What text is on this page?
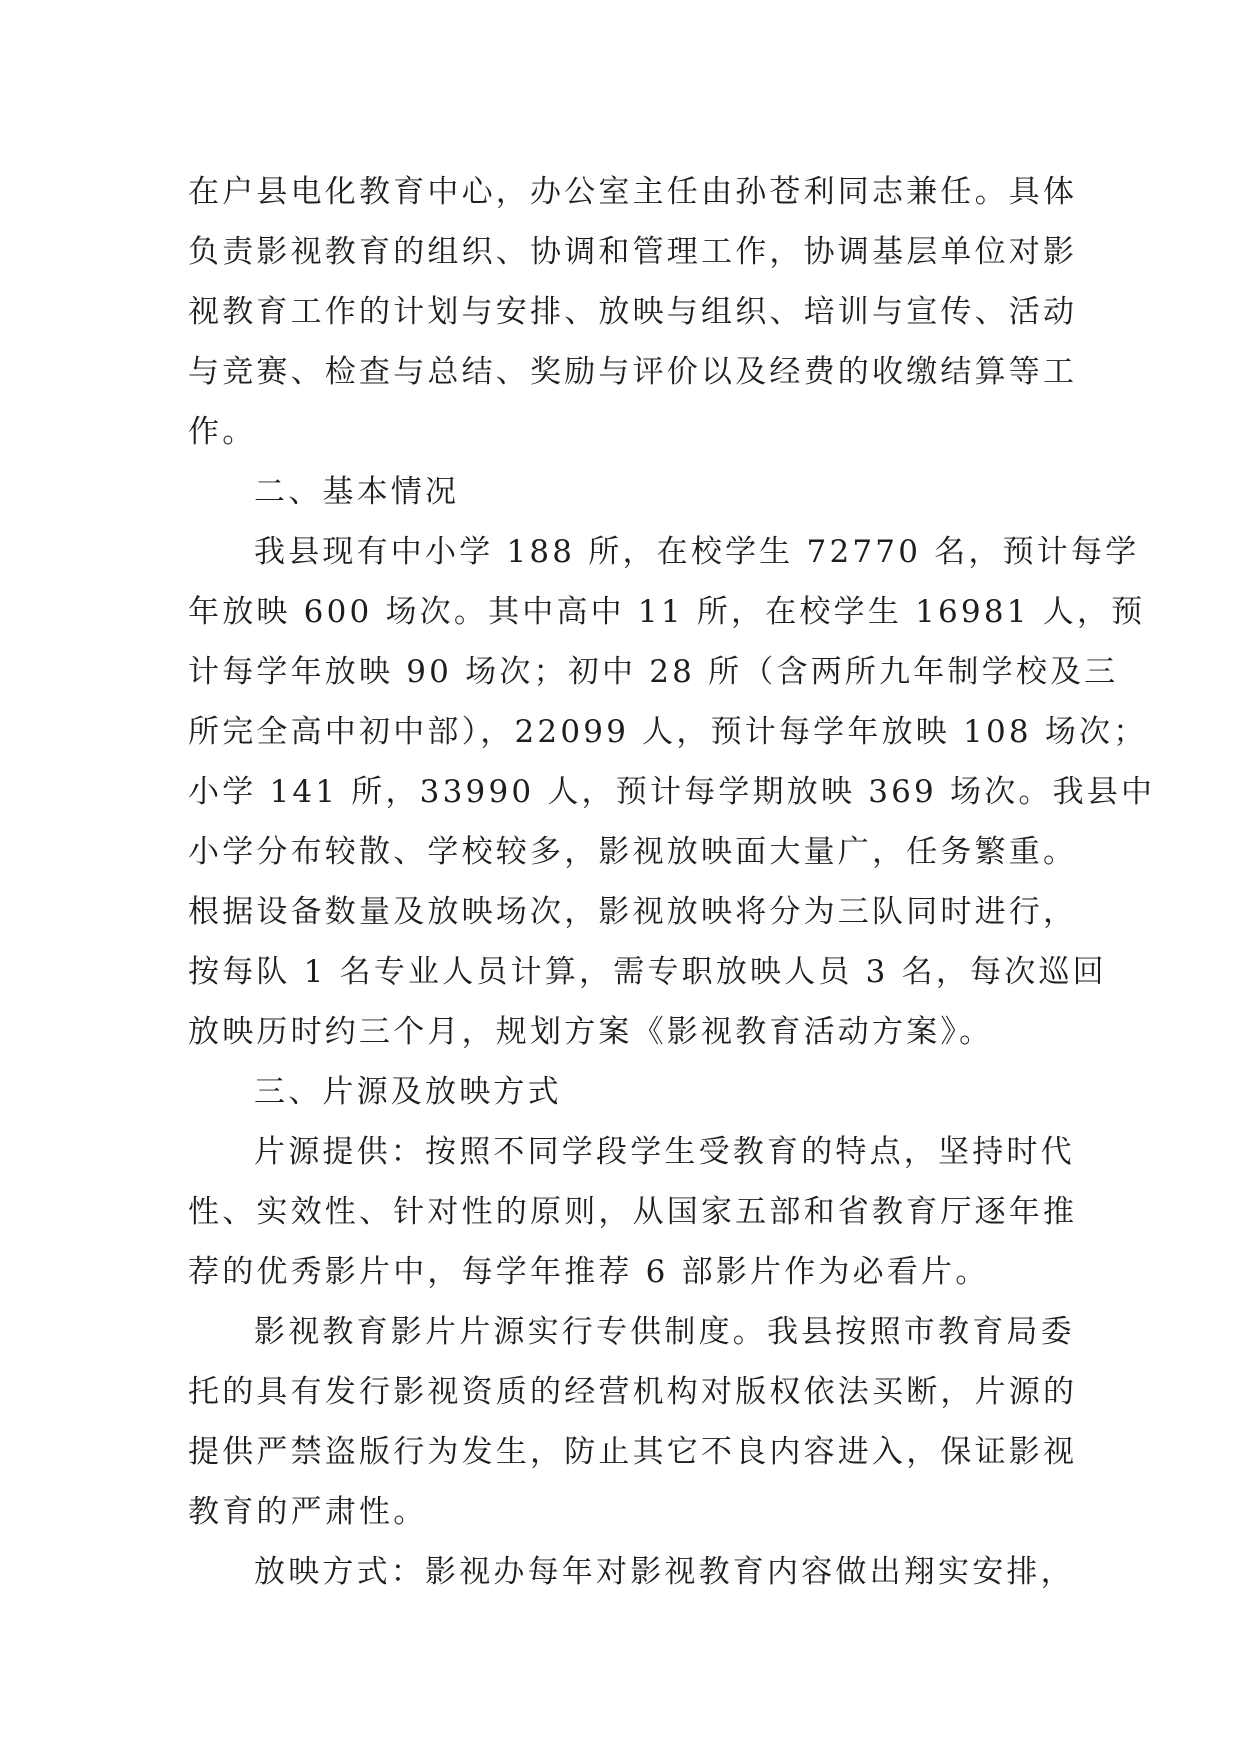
在户县电化教育中心，办公室主任由孙苍利同志兼任。具体
负责影视教育的组织、协调和管理工作，协调基层单位对影
视教育工作的计划与安排、放映与组织、培训与宣传、活动
与竞赛、检查与总结、奖励与评价以及经费的收缴结算等工
作。
二、基本情况
我县现有中小学 188 所，在校学生 72770 名，预计每学
年放映 600 场次。其中高中 11 所，在校学生 16981 人，预
计每学年放映 90 场次；初中 28 所（含两所九年制学校及三
所完全高中初中部），22099 人，预计每学年放映 108 场次；
小学 141 所，33990 人，预计每学期放映 369 场次。我县中
小学分布较散、学校较多，影视放映面大量广，任务繁重。
根据设备数量及放映场次，影视放映将分为三队同时进行，
按每队 1 名专业人员计算，需专职放映人员 3 名，每次巡回
放映历时约三个月，规划方案《影视教育活动方案》。
三、片源及放映方式
片源提供：按照不同学段学生受教育的特点，坚持时代
性、实效性、针对性的原则，从国家五部和省教育厅逐年推
荐的优秀影片中，每学年推荐 6 部影片作为必看片。
影视教育影片片源实行专供制度。我县按照市教育局委
托的具有发行影视资质的经营机构对版权依法买断，片源的
提供严禁盗版行为发生，防止其它不良内容进入，保证影视
教育的严肃性。
放映方式：影视办每年对影视教育内容做出翔实安排，
